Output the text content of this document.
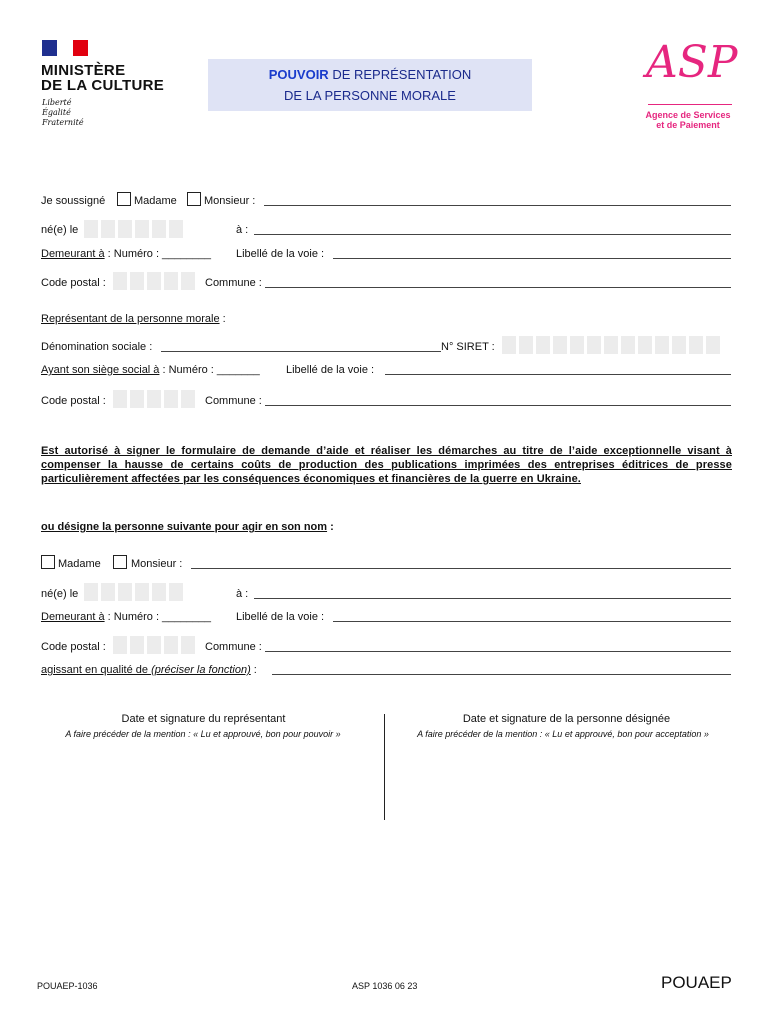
MINISTÈRE
DE LA CULTURE
Liberté
Égalité
Fraternité
POUVOIR DE REPRÉSENTATION
DE LA PERSONNE MORALE
ASP
Agence de Services
et de Paiement
Je soussigné	Madame Monsieur :
né(e) le	à :
Demeurant à : Numéro : ________ Libellé de la voie :
Code postal :	Commune :
Représentant de la personne morale :
Dénomination sociale :	N° SIRET :
Ayant son siège social à : Numéro : _______ Libellé de la voie :
Code postal :	Commune :
Est autorisé à signer le formulaire de demande d’aide et réaliser les démarches au titre de l’aide exceptionnelle visant à compenser la hausse de certains coûts de production des publications imprimées des entreprises éditrices de presse particulièrement affectées par les conséquences économiques et financières de la guerre en Ukraine.
ou désigne la personne suivante pour agir en son nom :
Madame	Monsieur :
né(e) le	à :
Demeurant à : Numéro : ________ Libellé de la voie :
Code postal :	Commune :
agissant en qualité de (préciser la fonction) :
Date et signature du représentant
A faire précéder de la mention : « Lu et approuvé, bon pour pouvoir »
Date et signature de la personne désignée
A faire précéder de la mention : « Lu et approuvé, bon pour acceptation »
POUAEP-1036	ASP 1036 06 23	POUAEP
